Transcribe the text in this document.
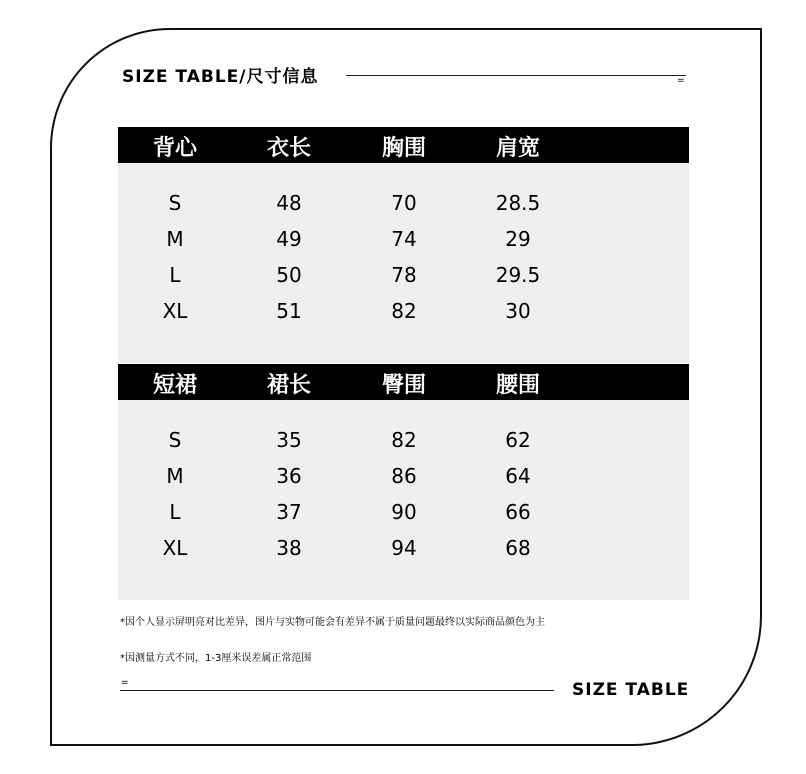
SIZE TABLE/尺寸信息	=
背心	衣长	胸围	肩宽
S	48	70	28.5
M	49	74	29
L	50	78	29.5
XL	51	82	30
短裙	裙长	臀围	腰围
S	35	82	62
M	36	86	64
L	37	90	66
XL	38	94	68
*因个人显示屏明亮对比差异，图片与实物可能会有差异不属于质量问题最终以实际商品颜色为主
*因测量方式不同，1-3厘米误差属正常范围
=	SIZE TABLE
